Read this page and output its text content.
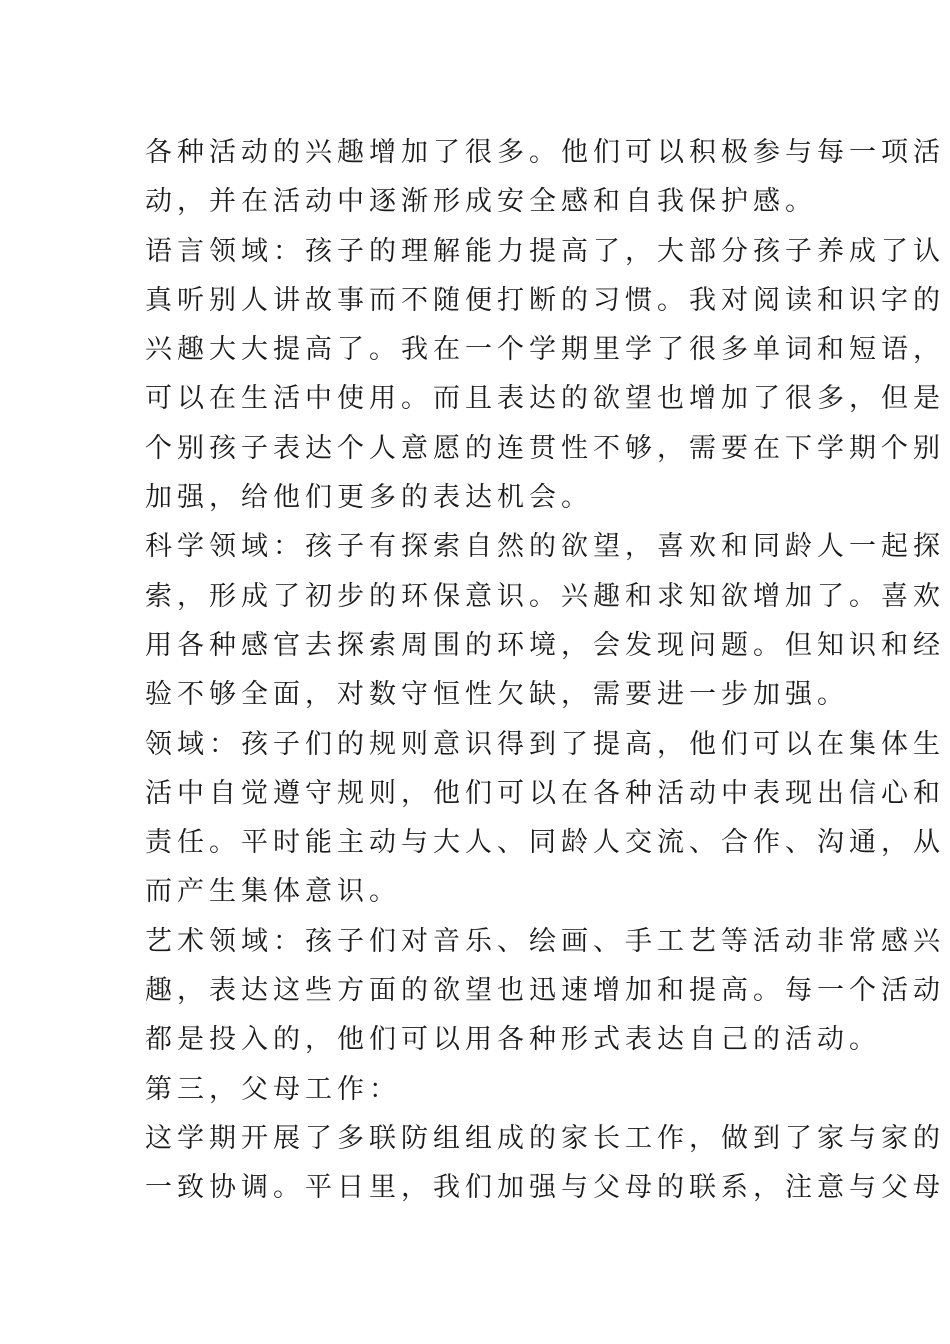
各种活动的兴趣增加了很多。他们可以积极参与每一项活
动，并在活动中逐渐形成安全感和自我保护感。

语言领域：孩子的理解能力提高了，大部分孩子养成了认
真听别人讲故事而不随便打断的习惯。我对阅读和识字的
兴趣大大提高了。我在一个学期里学了很多单词和短语，
可以在生活中使用。而且表达的欲望也增加了很多，但是
个别孩子表达个人意愿的连贯性不够，需要在下学期个别
加强，给他们更多的表达机会。

科学领域：孩子有探索自然的欲望，喜欢和同龄人一起探
索，形成了初步的环保意识。兴趣和求知欲增加了。喜欢
用各种感官去探索周围的环境，会发现问题。但知识和经
验不够全面，对数守恒性欠缺，需要进一步加强。

领域：孩子们的规则意识得到了提高，他们可以在集体生
活中自觉遵守规则，他们可以在各种活动中表现出信心和
责任。平时能主动与大人、同龄人交流、合作、沟通，从
而产生集体意识。

艺术领域：孩子们对音乐、绘画、手工艺等活动非常感兴
趣，表达这些方面的欲望也迅速增加和提高。每一个活动
都是投入的，他们可以用各种形式表达自己的活动。

第三，父母工作：

这学期开展了多联防组组成的家长工作，做到了家与家的
一致协调。平日里，我们加强与父母的联系，注意与父母
